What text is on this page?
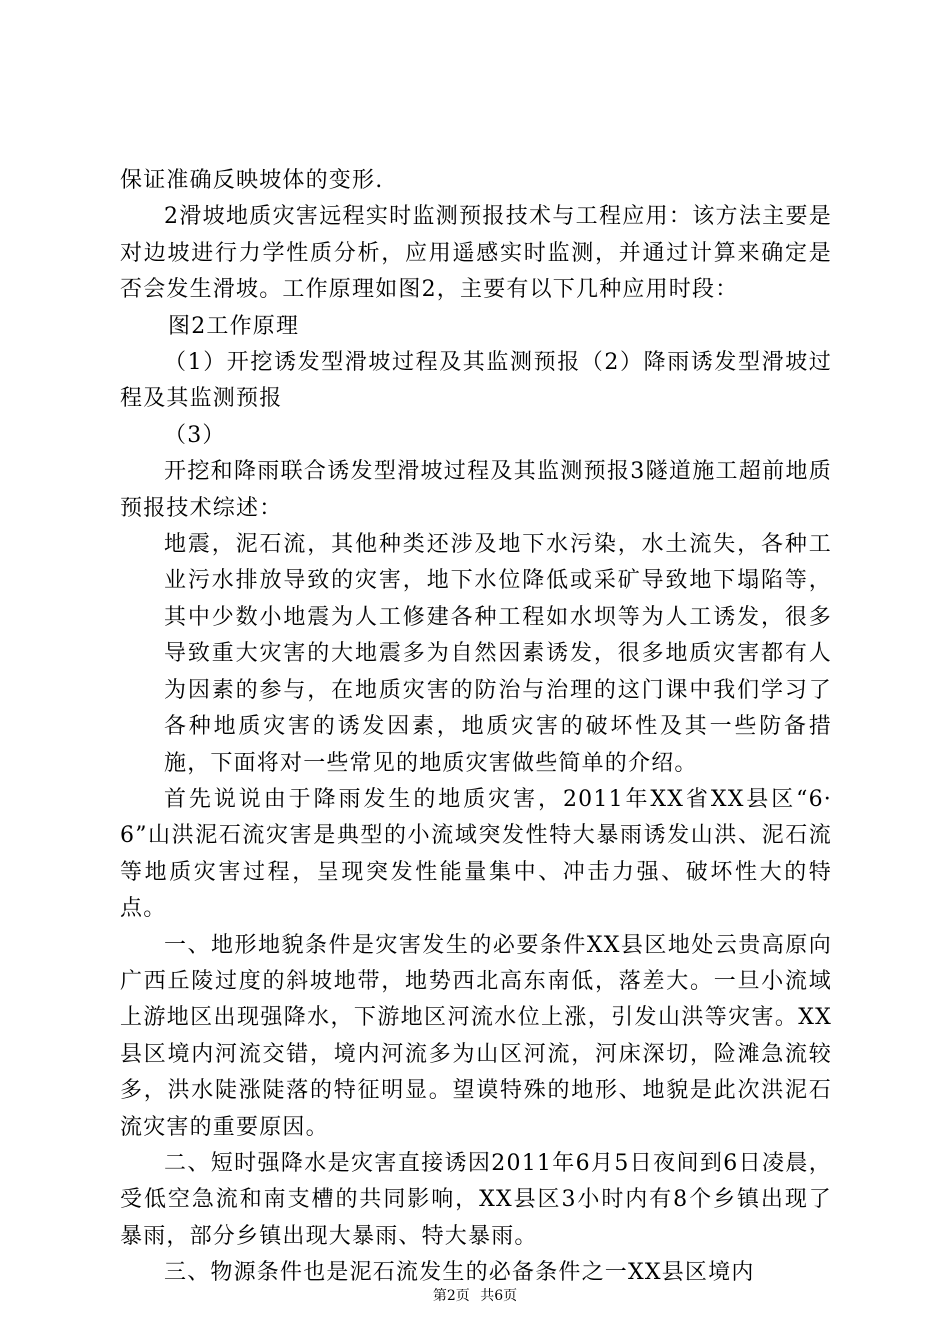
保证准确反映坡体的变形.

2滑坡地质灾害远程实时监测预报技术与工程应用：该方法主要是对边坡进行力学性质分析，应用遥感实时监测，并通过计算来确定是否会发生滑坡。工作原理如图2，主要有以下几种应用时段：

图2工作原理

（1）开挖诱发型滑坡过程及其监测预报（2）降雨诱发型滑坡过程及其监测预报

（3）

开挖和降雨联合诱发型滑坡过程及其监测预报3隧道施工超前地质预报技术综述：

地震，泥石流，其他种类还涉及地下水污染，水土流失，各种工业污水排放导致的灾害，地下水位降低或采矿导致地下塌陷等，其中少数小地震为人工修建各种工程如水坝等为人工诱发，很多导致重大灾害的大地震多为自然因素诱发，很多地质灾害都有人为因素的参与，在地质灾害的防治与治理的这门课中我们学习了各种地质灾害的诱发因素，地质灾害的破坏性及其一些防备措施，下面将对一些常见的地质灾害做些简单的介绍。

首先说说由于降雨发生的地质灾害，2011年XX省XX县区“6·6”山洪泥石流灾害是典型的小流域突发性特大暴雨诱发山洪、泥石流等地质灾害过程，呈现突发性能量集中、冲击力强、破坏性大的特点。

一、地形地貌条件是灾害发生的必要条件XX县区地处云贵高原向广西丘陵过度的斜坡地带，地势西北高东南低，落差大。一旦小流域上游地区出现强降水，下游地区河流水位上涨，引发山洪等灾害。XX县区境内河流交错，境内河流多为山区河流，河床深切，险滩急流较多，洪水陡涨陡落的特征明显。望谟特殊的地形、地貌是此次洪泥石流灾害的重要原因。

二、短时强降水是灾害直接诱因2011年6月5日夜间到6日凌晨，受低空急流和南支槽的共同影响，XX县区3小时内有8个乡镇出现了暴雨，部分乡镇出现大暴雨、特大暴雨。

三、物源条件也是泥石流发生的必备条件之一XX县区境内

第2页 共6页
